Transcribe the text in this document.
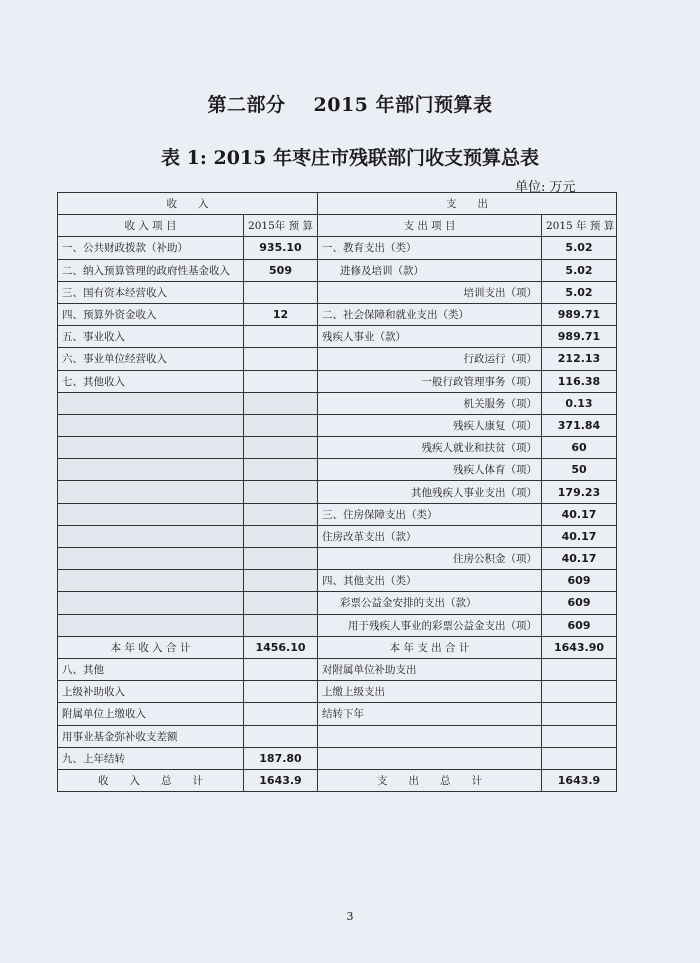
第二部分 2015 年部门预算表
表 1: 2015 年枣庄市残联部门收支预算总表
单位: 万元
收　　入		支　　出	
收 入 项 目	2015年 预 算	支 出 项 目	2015 年 预 算
一、公共财政拨款（补助）	935.10	一、教育支出（类）	5.02
二、纳入预算管理的政府性基金收入	509	进修及培训（款）	5.02
三、国有资本经营收入		培训支出（项）	5.02
四、预算外资金收入	12	二、社会保障和就业支出（类）	989.71
五、事业收入		残疾人事业（款）	989.71
六、事业单位经营收入		行政运行（项）	212.13
七、其他收入		一般行政管理事务（项）	116.38
		机关服务（项）	0.13
		残疾人康复（项）	371.84
		残疾人就业和扶贫（项）	60
		残疾人体育（项）	50
		其他残疾人事业支出（项）	179.23
		三、住房保障支出（类）	40.17
		住房改革支出（款）	40.17
		住房公积金（项）	40.17
		四、其他支出（类）	609
		彩票公益金安排的支出（款）	609
		用于残疾人事业的彩票公益金支出（项）	609
本 年 收 入 合 计	1456.10	本 年 支 出 合 计	1643.90
八、其他		对附属单位补助支出	
上级补助收入		上缴上级支出	
附属单位上缴收入		结转下年	
用事业基金弥补收支差额			
九、上年结转	187.80		
收　　入　　总　　计	1643.9	支　　出　　总　　计	1643.9
3
